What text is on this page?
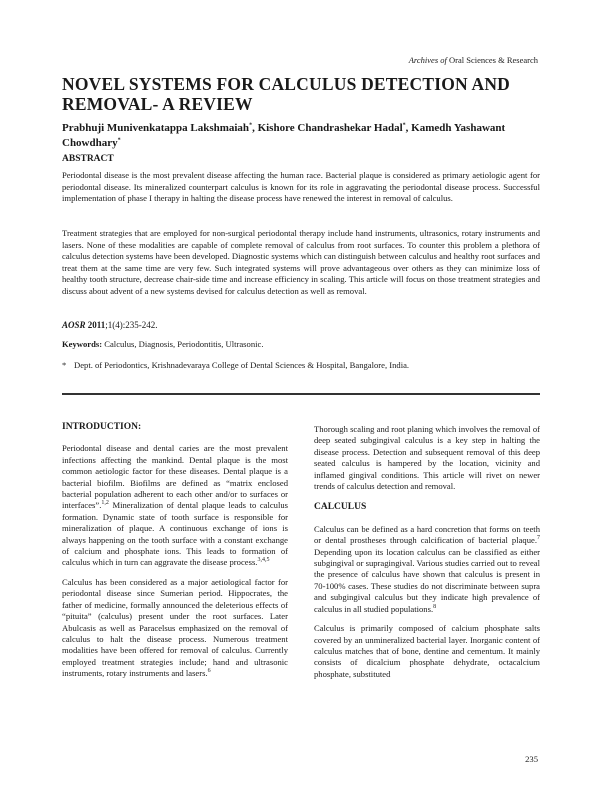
Archives of Oral Sciences & Research
NOVEL SYSTEMS FOR CALCULUS DETECTION AND REMOVAL- A REVIEW
Prabhuji Munivenkatappa Lakshmaiah*, Kishore Chandrashekar Hadal*, Kamedh Yashawant Chowdhary*
ABSTRACT

Periodontal disease is the most prevalent disease affecting the human race. Bacterial plaque is considered as primary aetiologic agent for periodontal disease. Its mineralized counterpart calculus is known for its role in aggravating the periodontal disease process. Successful implementation of phase I therapy in halting the disease process have renewed the interest in removal of calculus.

Treatment strategies that are employed for non-surgical periodontal therapy include hand instruments, ultrasonics, rotary instruments and lasers. None of these modalities are capable of complete removal of calculus from root surfaces. To counter this problem a plethora of calculus detection systems have been developed. Diagnostic systems which can distinguish between calculus and healthy root surfaces and treat them at the same time are very few. Such integrated systems will prove advantageous over others as they can minimize loss of healthy tooth structure, decrease chair-side time and increase efficiency in scaling. This article will focus on those treatment strategies and discuss about advent of a new systems devised for calculus detection as well as removal.

AOSR 2011;1(4):235-242.
Keywords: Calculus, Diagnosis, Periodontitis, Ultrasonic.
* Dept. of Periodontics, Krishnadevaraya College of Dental Sciences & Hospital, Bangalore, India.
INTRODUCTION:

Periodontal disease and dental caries are the most prevalent infections affecting the mankind. Dental plaque is the most common aetiologic factor for these diseases. Dental plaque is a bacterial biofilm. Biofilms are defined as “matrix enclosed bacterial population adherent to each other and/or to surfaces or interfaces”.$^{1,2}$ Mineralization of dental plaque leads to calculus formation. Dynamic state of tooth surface is responsible for mineralization of plaque. A continuous exchange of ions is always happening on the tooth surface with a constant exchange of calcium and phosphate ions. This leads to formation of calculus which in turn can aggravate the disease process.$^{3,4,5}$

Calculus has been considered as a major aetiological factor for periodontal disease since Sumerian period. Hippocrates, the father of medicine, formally announced the deleterious effects of “pituita” (calculus) present under the root surfaces. Later Abulcasis as well as Paracelsus emphasized on the removal of calculus to halt the disease process. Numerous treatment modalities have been offered for removal of calculus. Currently employed treatment strategies include; hand and ultrasonic instruments, rotary instruments and lasers.$^6$

Thorough scaling and root planing which involves the removal of deep seated subgingival calculus is a key step in halting the disease process. Detection and subsequent removal of this deep seated calculus is hampered by the location, vicinity and inflamed gingival conditions. This article will rivet on newer trends of calculus detection and removal.

CALCULUS

Calculus can be defined as a hard concretion that forms on teeth or dental prostheses through calcification of bacterial plaque.$^7$ Depending upon its location calculus can be classified as either subgingival or supragingival. Various studies carried out to reveal the presence of calculus have shown that calculus is present in 70-100% cases. These studies do not discriminate between supra and subgingival calculus but they indicate high prevalence of calculus in all studied populations.$^8$

Calculus is primarily composed of calcium phosphate salts covered by an unmineralized bacterial layer. Inorganic content of calculus matches that of bone, dentine and cementum. It mainly consists of dicalcium phosphate dehydrate, octacalcium phosphate, substituted

235
